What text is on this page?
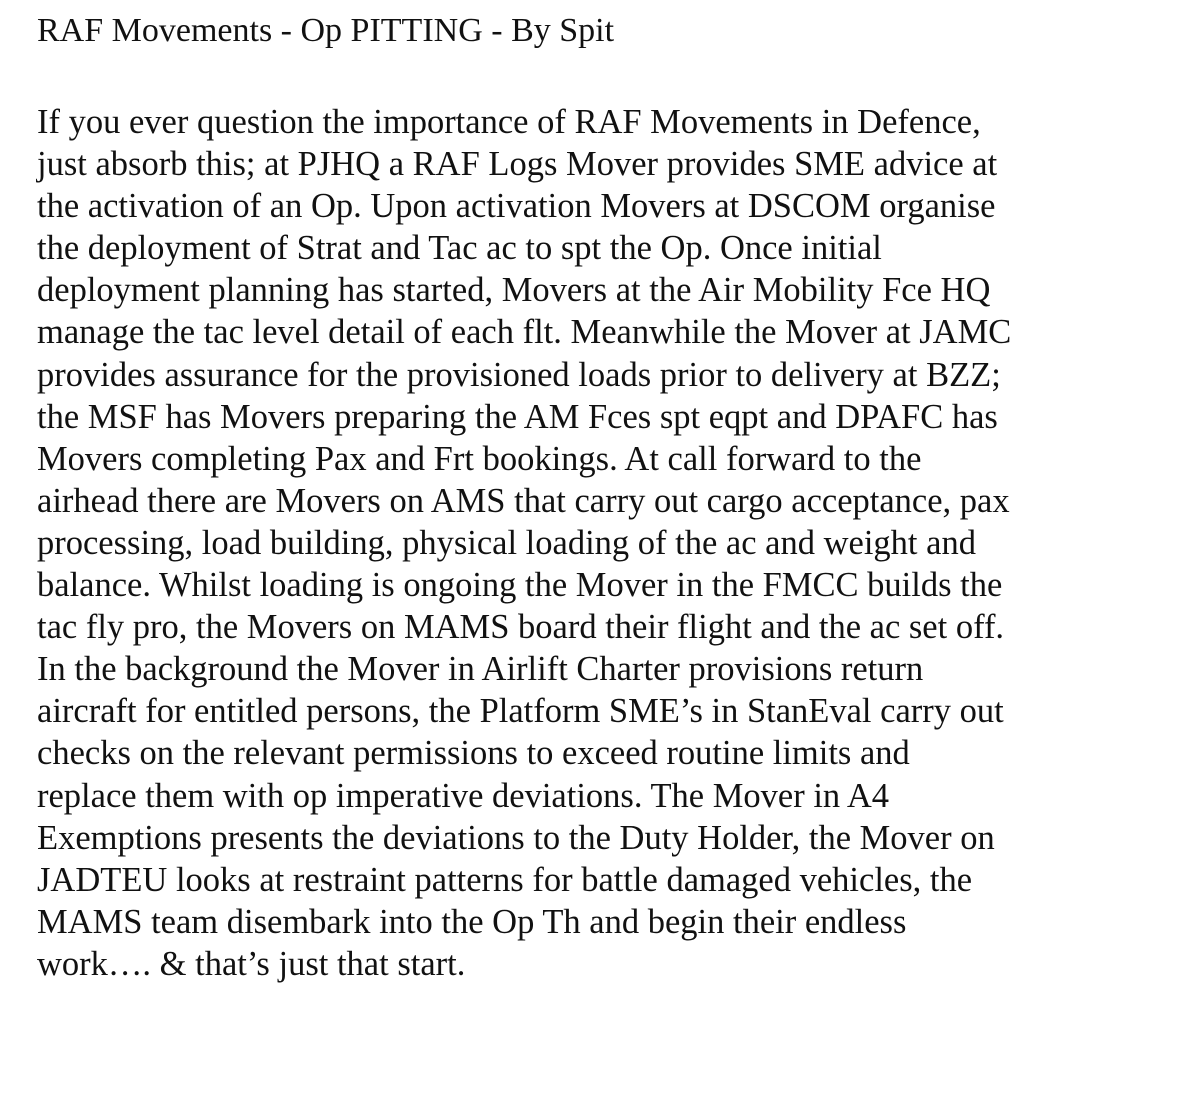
RAF Movements - Op PITTING - By Spit

If you ever question the importance of RAF Movements in Defence,
just absorb this; at PJHQ a RAF Logs Mover provides SME advice at
the activation of an Op. Upon activation Movers at DSCOM organise
the deployment of Strat and Tac ac to spt the Op. Once initial
deployment planning has started, Movers at the Air Mobility Fce HQ
manage the tac level detail of each flt. Meanwhile the Mover at JAMC
provides assurance for the provisioned loads prior to delivery at BZZ;
the MSF has Movers preparing the AM Fces spt eqpt and DPAFC has
Movers completing Pax and Frt bookings. At call forward to the
airhead there are Movers on AMS that carry out cargo acceptance, pax
processing, load building, physical loading of the ac and weight and
balance. Whilst loading is ongoing the Mover in the FMCC builds the
tac fly pro, the Movers on MAMS board their flight and the ac set off.
In the background the Mover in Airlift Charter provisions return
aircraft for entitled persons, the Platform SME’s in StanEval carry out
checks on the relevant permissions to exceed routine limits and
replace them with op imperative deviations. The Mover in A4
Exemptions presents the deviations to the Duty Holder, the Mover on
JADTEU looks at restraint patterns for battle damaged vehicles, the
MAMS team disembark into the Op Th and begin their endless
work…. & that’s just that start.
